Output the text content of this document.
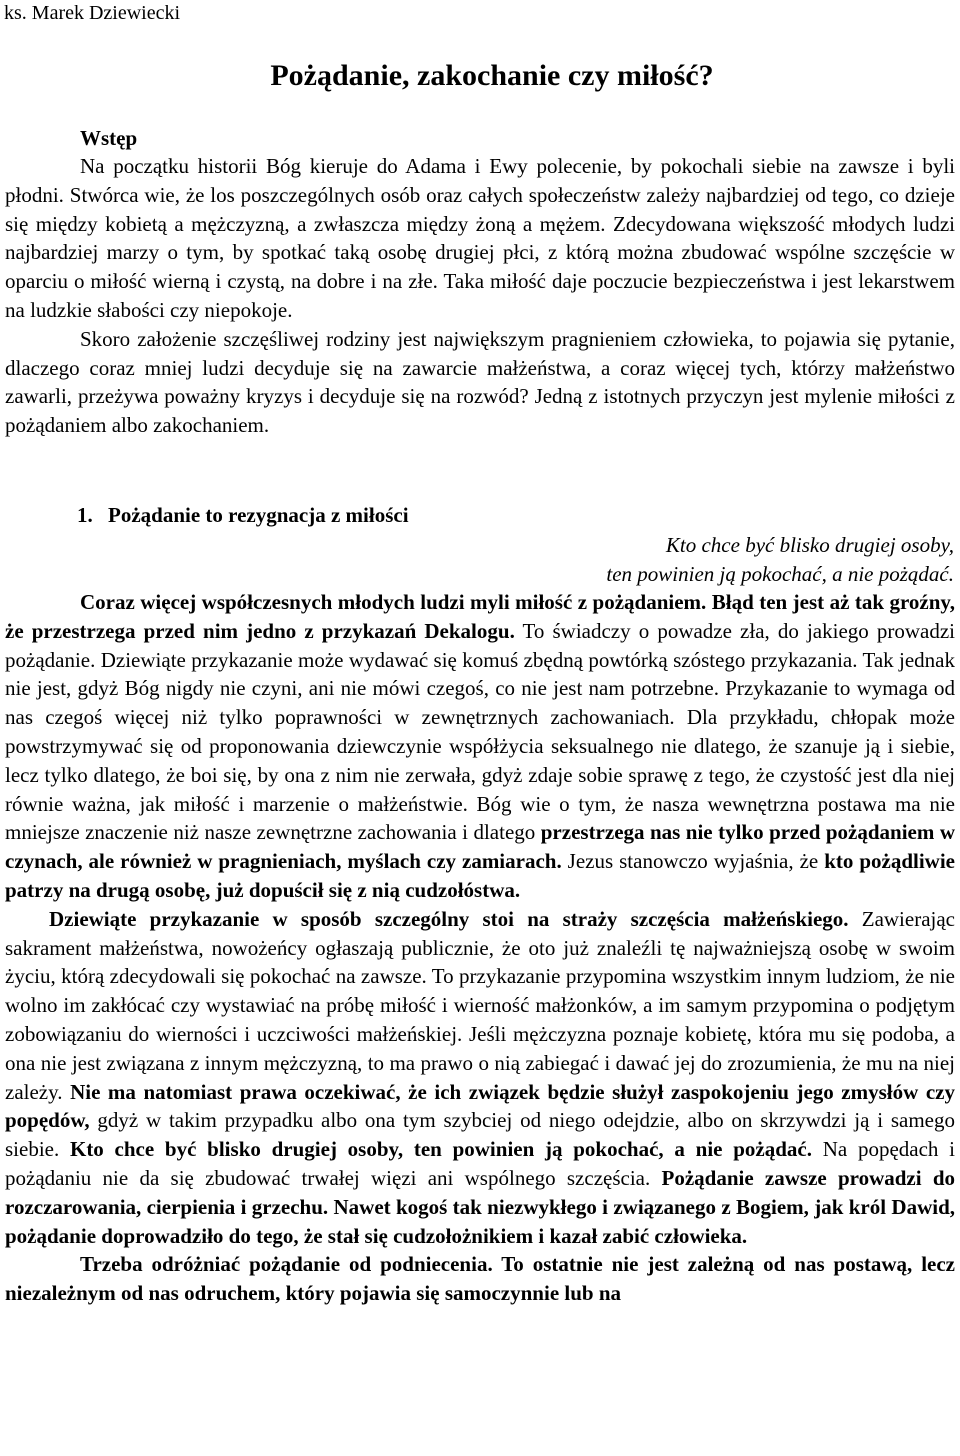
ks. Marek Dziewiecki
Pożądanie, zakochanie czy miłość?
Wstęp

Na początku historii Bóg kieruje do Adama i Ewy polecenie, by pokochali siebie na zawsze i byli płodni. Stwórca wie, że los poszczególnych osób oraz całych społeczeństw zależy najbardziej od tego, co dzieje się między kobietą a mężczyzną, a zwłaszcza między żoną a mężem. Zdecydowana większość młodych ludzi najbardziej marzy o tym, by spotkać taką osobę drugiej płci, z którą można zbudować wspólne szczęście w oparciu o miłość wierną i czystą, na dobre i na złe. Taka miłość daje poczucie bezpieczeństwa i jest lekarstwem na ludzkie słabości czy niepokoje.

Skoro założenie szczęśliwej rodziny jest największym pragnieniem człowieka, to pojawia się pytanie, dlaczego coraz mniej ludzi decyduje się na zawarcie małżeństwa, a coraz więcej tych, którzy małżeństwo zawarli, przeżywa poważny kryzys i decyduje się na rozwód? Jedną z istotnych przyczyn jest mylenie miłości z pożądaniem albo zakochaniem.

1. Pożądanie to rezygnacja z miłości
Kto chce być blisko drugiej osoby,
ten powinien ją pokochać, a nie pożądać.

Coraz więcej współczesnych młodych ludzi myli miłość z pożądaniem. Błąd ten jest aż tak groźny, że przestrzega przed nim jedno z przykazań Dekalogu. To świadczy o powadze zła, do jakiego prowadzi pożądanie. Dziewiąte przykazanie może wydawać się komuś zbędną powtórką szóstego przykazania. Tak jednak nie jest, gdyż Bóg nigdy nie czyni, ani nie mówi czegoś, co nie jest nam potrzebne. Przykazanie to wymaga od nas czegoś więcej niż tylko poprawności w zewnętrznych zachowaniach. Dla przykładu, chłopak może powstrzymywać się od proponowania dziewczynie współżycia seksualnego nie dlatego, że szanuje ją i siebie, lecz tylko dlatego, że boi się, by ona z nim nie zerwała, gdyż zdaje sobie sprawę z tego, że czystość jest dla niej równie ważna, jak miłość i marzenie o małżeństwie. Bóg wie o tym, że nasza wewnętrzna postawa ma nie mniejsze znaczenie niż nasze zewnętrzne zachowania i dlatego przestrzega nas nie tylko przed pożądaniem w czynach, ale również w pragnieniach, myślach czy zamiarach. Jezus stanowczo wyjaśnia, że kto pożądliwie patrzy na drugą osobę, już dopuścił się z nią cudzołóstwa.

Dziewiąte przykazanie w sposób szczególny stoi na straży szczęścia małżeńskiego. Zawierając sakrament małżeństwa, nowożeńcy ogłaszają publicznie, że oto już znaleźli tę najważniejszą osobę w swoim życiu, którą zdecydowali się pokochać na zawsze. To przykazanie przypomina wszystkim innym ludziom, że nie wolno im zakłócać czy wystawiać na próbę miłość i wierność małżonków, a im samym przypomina o podjętym zobowiązaniu do wierności i uczciwości małżeńskiej. Jeśli mężczyzna poznaje kobietę, która mu się podoba, a ona nie jest związana z innym mężczyzną, to ma prawo o nią zabiegać i dawać jej do zrozumienia, że mu na niej zależy. Nie ma natomiast prawa oczekiwać, że ich związek będzie służył zaspokojeniu jego zmysłów czy popędów, gdyż w takim przypadku albo ona tym szybciej od niego odejdzie, albo on skrzywdzi ją i samego siebie. Kto chce być blisko drugiej osoby, ten powinien ją pokochać, a nie pożądać. Na popędach i pożądaniu nie da się zbudować trwałej więzi ani wspólnego szczęścia. Pożądanie zawsze prowadzi do rozczarowania, cierpienia i grzechu. Nawet kogoś tak niezwykłego i związanego z Bogiem, jak król Dawid, pożądanie doprowadziło do tego, że stał się cudzołożnikiem i kazał zabić człowieka.

Trzeba odróżniać pożądanie od podniecenia. To ostatnie nie jest zależną od nas postawą, lecz niezależnym od nas odruchem, który pojawia się samoczynnie lub na
